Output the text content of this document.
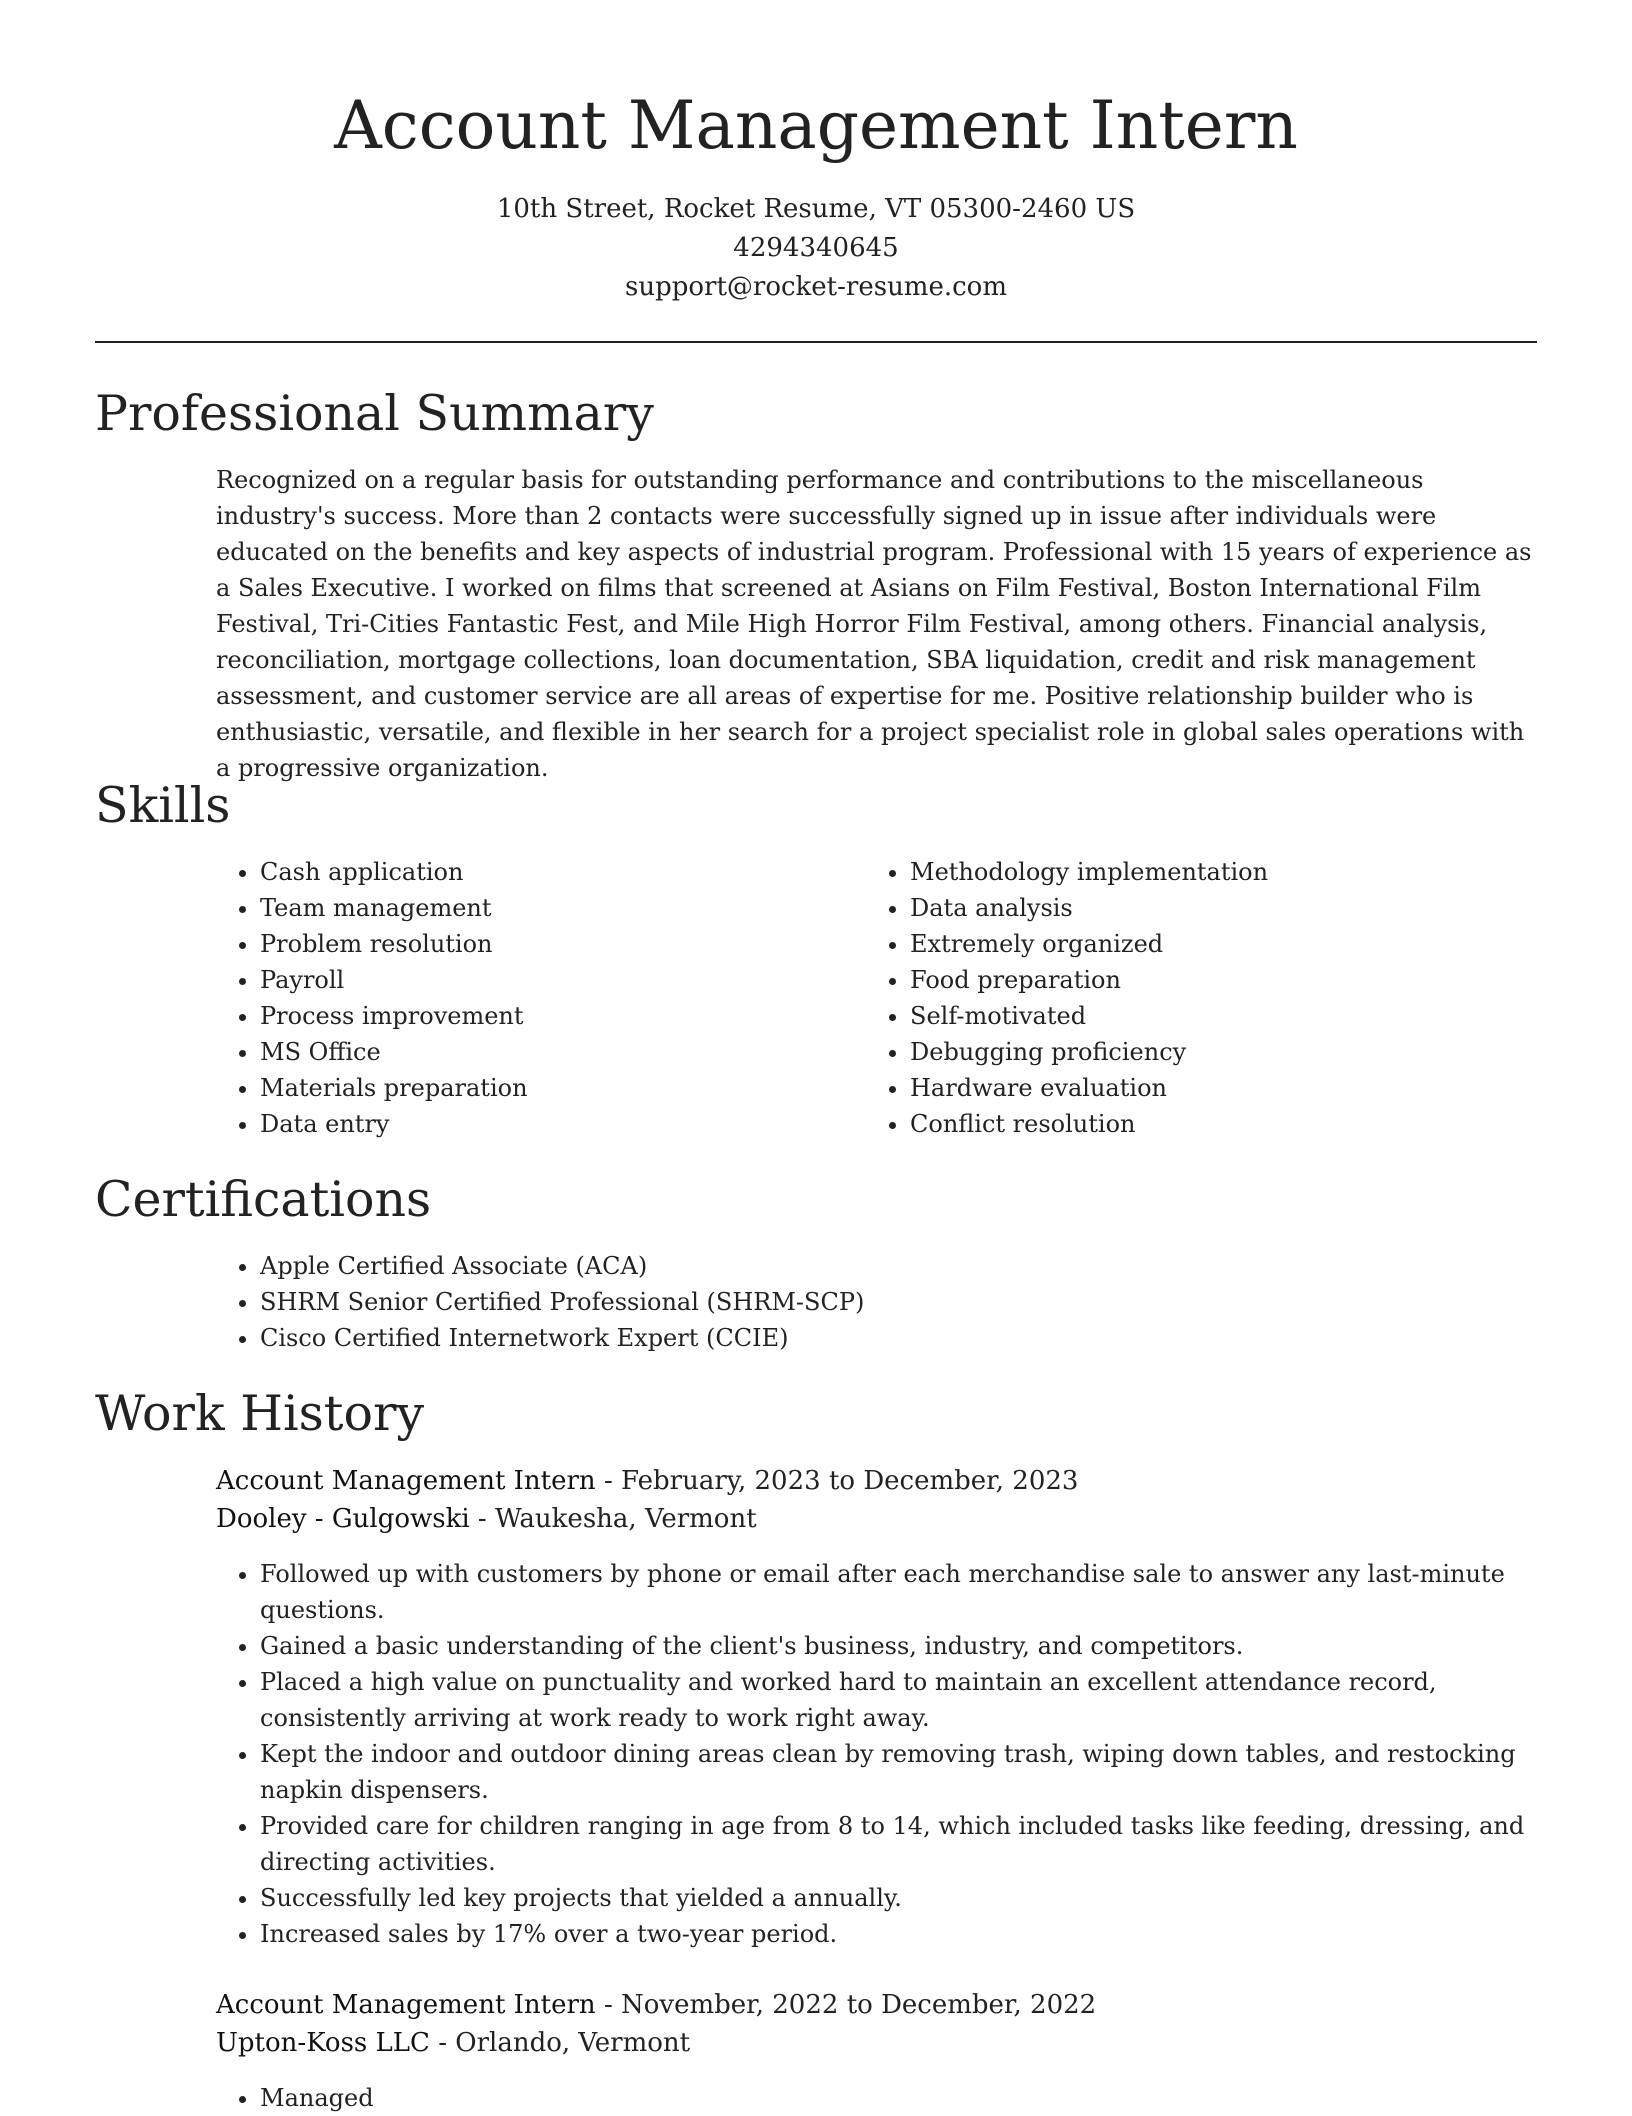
Account Management Intern
10th Street, Rocket Resume, VT 05300-2460 US
4294340645
support@rocket-resume.com
Professional Summary

Recognized on a regular basis for outstanding performance and contributions to the miscellaneous industry's success. More than 2 contacts were successfully signed up in issue after individuals were educated on the benefits and key aspects of industrial program. Professional with 15 years of experience as a Sales Executive. I worked on films that screened at Asians on Film Festival, Boston International Film Festival, Tri-Cities Fantastic Fest, and Mile High Horror Film Festival, among others. Financial analysis, reconciliation, mortgage collections, loan documentation, SBA liquidation, credit and risk management assessment, and customer service are all areas of expertise for me. Positive relationship builder who is enthusiastic, versatile, and flexible in her search for a project specialist role in global sales operations with a progressive organization.

Skills
• Cash application
• Team management
• Problem resolution
• Payroll
• Process improvement
• MS Office
• Materials preparation
• Data entry
• Methodology implementation
• Data analysis
• Extremely organized
• Food preparation
• Self-motivated
• Debugging proficiency
• Hardware evaluation
• Conflict resolution
Certifications
• Apple Certified Associate (ACA)
• SHRM Senior Certified Professional (SHRM-SCP)
• Cisco Certified Internetwork Expert (CCIE)
Work History
Account Management Intern - February, 2023 to December, 2023
Dooley - Gulgowski - Waukesha, Vermont
• Followed up with customers by phone or email after each merchandise sale to answer any last-minute questions.
• Gained a basic understanding of the client's business, industry, and competitors.
• Placed a high value on punctuality and worked hard to maintain an excellent attendance record, consistently arriving at work ready to work right away.
• Kept the indoor and outdoor dining areas clean by removing trash, wiping down tables, and restocking napkin dispensers.
• Provided care for children ranging in age from 8 to 14, which included tasks like feeding, dressing, and directing activities.
• Successfully led key projects that yielded a annually.
• Increased sales by 17% over a two-year period.
Account Management Intern - November, 2022 to December, 2022
Upton-Koss LLC - Orlando, Vermont
• Managed
